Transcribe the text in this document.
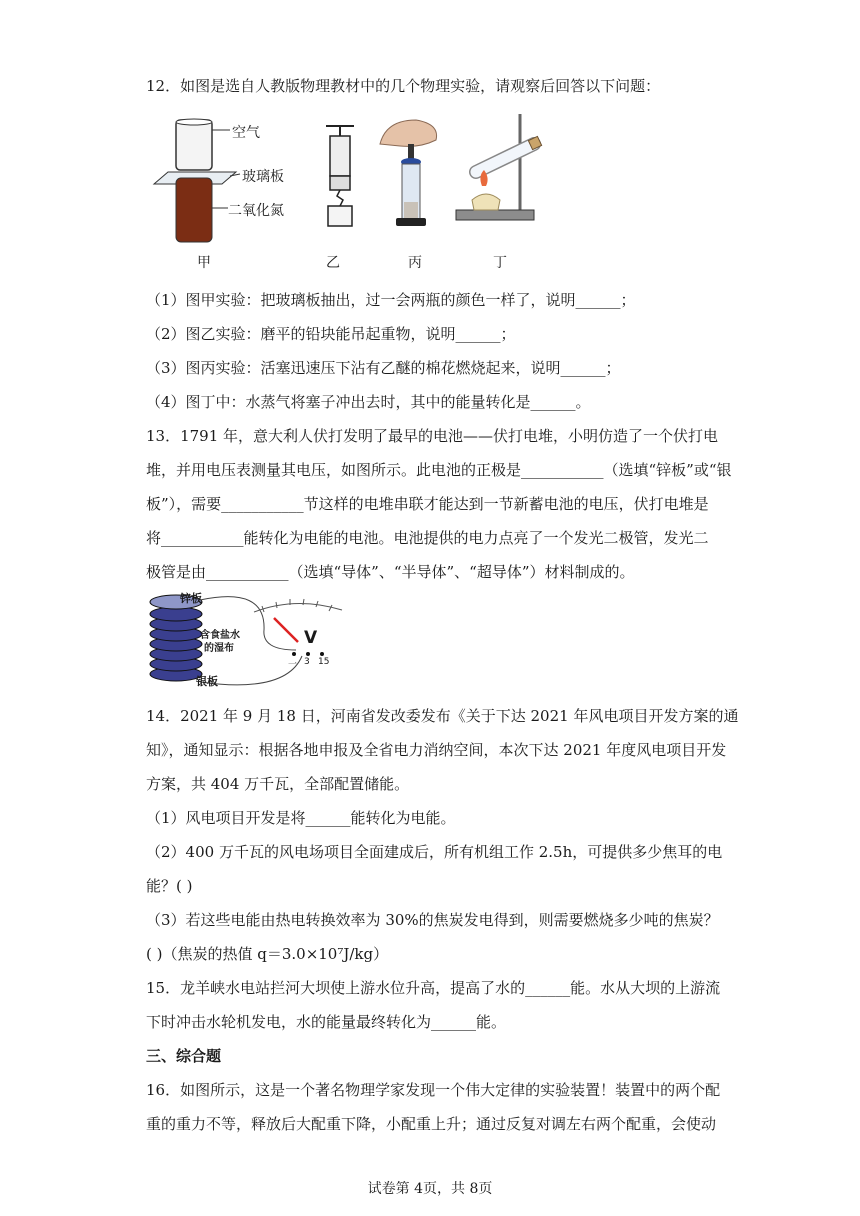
12．如图是选自人教版物理教材中的几个物理实验，请观察后回答以下问题：
空气
玻璃板
二氧化氮
甲	乙	丙	丁
（1）图甲实验：把玻璃板抽出，过一会两瓶的颜色一样了，说明______；
（2）图乙实验：磨平的铅块能吊起重物，说明______；
（3）图丙实验：活塞迅速压下沾有乙醚的棉花燃烧起来，说明______；
（4）图丁中：水蒸气将塞子冲出去时，其中的能量转化是______。
13．1791 年，意大利人伏打发明了最早的电池——伏打电堆，小明仿造了一个伏打电
堆，并用电压表测量其电压，如图所示。此电池的正极是___________（选填“锌板”或“银
板”），需要___________节这样的电堆串联才能达到一节新蓄电池的电压，伏打电堆是
将___________能转化为电能的电池。电池提供的电力点亮了一个发光二极管，发光二
极管是由___________（选填“导体”、“半导体”、“超导体”）材料制成的。
锌板
含食盐水
的湿布
银板
V
一 3 15
14．2021 年 9 月 18 日，河南省发改委发布《关于下达 2021 年风电项目开发方案的通
知》，通知显示：根据各地申报及全省电力消纳空间，本次下达 2021 年度风电项目开发
方案，共 404 万千瓦，全部配置储能。
（1）风电项目开发是将______能转化为电能。
（2）400 万千瓦的风电场项目全面建成后，所有机组工作 2.5h，可提供多少焦耳的电
能？( )
（3）若这些电能由热电转换效率为 30%的焦炭发电得到，则需要燃烧多少吨的焦炭？
( )（焦炭的热值 q＝3.0×10⁷J/kg）
15．龙羊峡水电站拦河大坝使上游水位升高，提高了水的______能。水从大坝的上游流
下时冲击水轮机发电，水的能量最终转化为______能。
三、综合题
16．如图所示，这是一个著名物理学家发现一个伟大定律的实验装置！装置中的两个配
重的重力不等，释放后大配重下降，小配重上升；通过反复对调左右两个配重，会使动
试卷第 4页，共 8页
